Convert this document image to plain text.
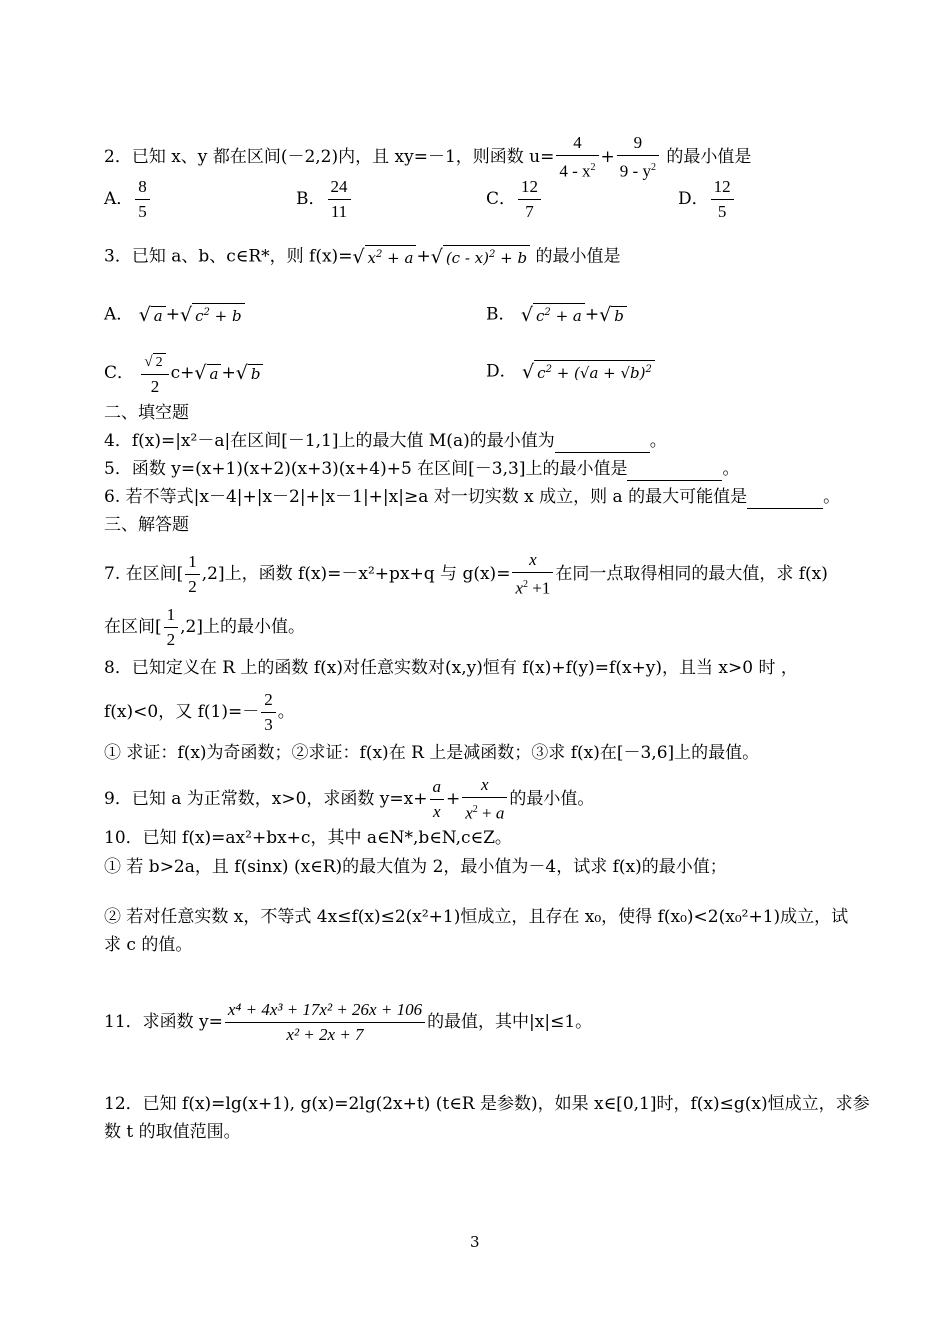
2．已知 x、y 都在区间(－2,2)内，且 xy=－1，则函数 $u= \frac{4}{4 - x^2} + \frac{9}{9 - y^2}$ 的最小值是
A． $\frac{8}{5}$	B． $\frac{24}{11}$	C． $\frac{12}{7}$	D． $\frac{12}{5}$
3．已知 a、b、c∈R*，则 f(x)=√ $x^2 + a$ +√ (c - x)$^2$ + b 的最小值是
A． √ a +√ $c^2 + b$	B． √ $c^2 + a$ +√ b
C． $\frac{√ 2}{2} c+√$ a +√ b	D． √ $c^2 + (√a + √b)^2$
二、填空题
4．f(x)=|x²－a|在区间[－1,1]上的最大值 M(a)的最小值为	。
5．函数 y=(x+1)(x+2)(x+3)(x+4)+5 在区间[－3,3]上的最小值是	。
6. 若不等式|x－4|+|x－2|+|x－1|+|x|≥a 对一切实数 x 成立，则 a 的最大可能值是	。
三、解答题
7. 在区间[ $\frac{1}{2} ,2$]上，函数 f(x)=－x²+px+q 与 $g(x)= \frac{x}{x^2 +1}$ 在同一点取得相同的最大值，求 f(x)
在区间[ $\frac{1}{2} ,2$]上的最小值。
8．已知定义在 R 上的函数 f(x)对任意实数对(x,y)恒有 f(x)+f(y)=f(x+y)，且当 x>0 时 ，
f(x)<0，又 $f(1)=- \frac{2}{3}$ 。
① 求证：f(x)为奇函数；②求证：f(x)在 R 上是减函数；③求 f(x)在[－3,6]上的最值。
9．已知 a 为正常数，x>0，求函数 $y=x+ \frac{a}{x} + \frac{x}{x^2 + a}$ 的最小值。
10．已知 f(x)=ax²+bx+c，其中 a∈N*,b∈N,c∈Z。
① 若 b>2a，且 f(sinx) (x∈R)的最大值为 2，最小值为－4，试求 f(x)的最小值；
② 若对任意实数 x，不等式 4x≤f(x)≤2(x²+1)恒成立，且存在 x₀，使得 f(x₀)<2(x₀²+1)成立，试
求 c 的值。
11．求函数 $y= \frac{\text{x⁴ + 4x³ + 17x² + 26x + 106}}{\text{x² + 2x + 7}}$ 的最值，其中|x|≤1。
12．已知 f(x)=lg(x+1), g(x)=2lg(2x+t) (t∈R 是参数)，如果 x∈[0,1]时，f(x)≤g(x)恒成立，求参
数 t 的取值范围。
3
